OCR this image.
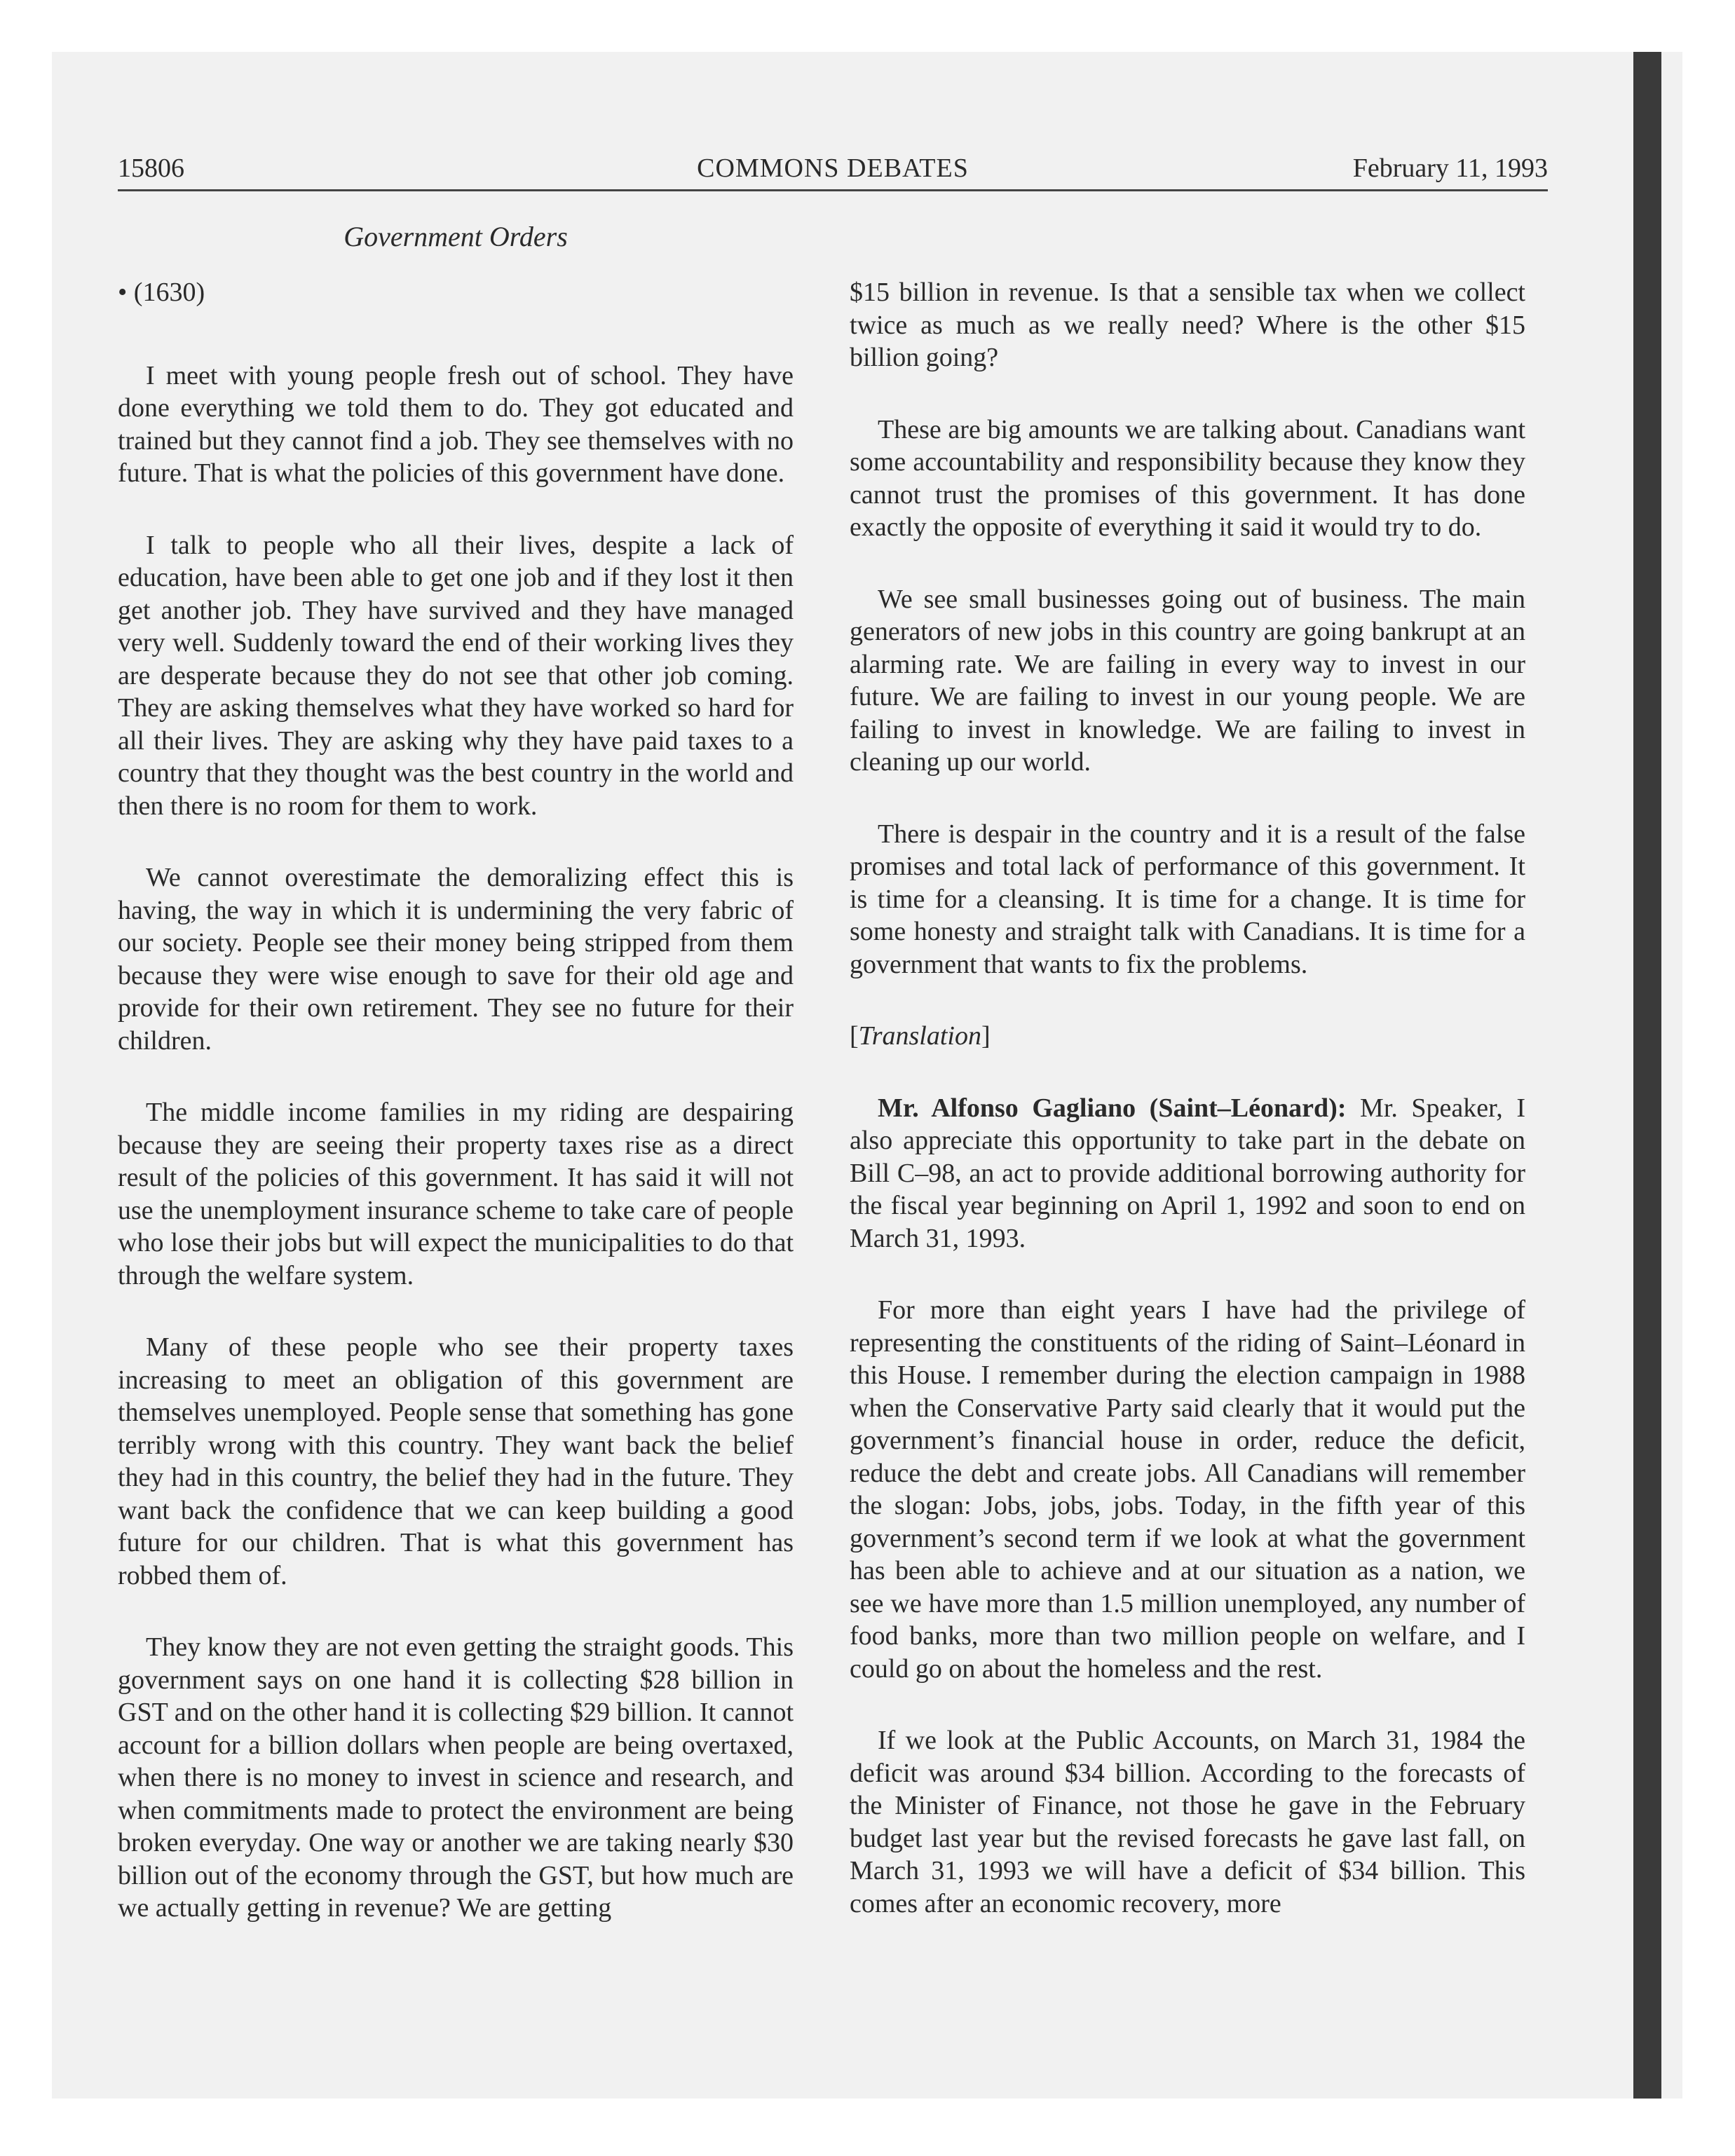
15806	COMMONS DEBATES	February 11, 1993
Government Orders

• (1630)

I meet with young people fresh out of school. They have done everything we told them to do. They got educated and trained but they cannot find a job. They see themselves with no future. That is what the policies of this government have done.

I talk to people who all their lives, despite a lack of education, have been able to get one job and if they lost it then get another job. They have survived and they have managed very well. Suddenly toward the end of their working lives they are desperate because they do not see that other job coming. They are asking themselves what they have worked so hard for all their lives. They are asking why they have paid taxes to a country that they thought was the best country in the world and then there is no room for them to work.

We cannot overestimate the demoralizing effect this is having, the way in which it is undermining the very fabric of our society. People see their money being stripped from them because they were wise enough to save for their old age and provide for their own retirement. They see no future for their children.

The middle income families in my riding are despairing because they are seeing their property taxes rise as a direct result of the policies of this government. It has said it will not use the unemployment insurance scheme to take care of people who lose their jobs but will expect the municipalities to do that through the welfare system.

Many of these people who see their property taxes increasing to meet an obligation of this government are themselves unemployed. People sense that something has gone terribly wrong with this country. They want back the belief they had in this country, the belief they had in the future. They want back the confidence that we can keep building a good future for our children. That is what this government has robbed them of.

They know they are not even getting the straight goods. This government says on one hand it is collecting $28 billion in GST and on the other hand it is collecting $29 billion. It cannot account for a billion dollars when people are being overtaxed, when there is no money to invest in science and research, and when commitments made to protect the environment are being broken everyday. One way or another we are taking nearly $30 billion out of the economy through the GST, but how much are we actually getting in revenue? We are getting

$15 billion in revenue. Is that a sensible tax when we collect twice as much as we really need? Where is the other $15 billion going?

These are big amounts we are talking about. Canadians want some accountability and responsibility because they know they cannot trust the promises of this government. It has done exactly the opposite of everything it said it would try to do.

We see small businesses going out of business. The main generators of new jobs in this country are going bankrupt at an alarming rate. We are failing in every way to invest in our future. We are failing to invest in our young people. We are failing to invest in knowledge. We are failing to invest in cleaning up our world.

There is despair in the country and it is a result of the false promises and total lack of performance of this government. It is time for a cleansing. It is time for a change. It is time for some honesty and straight talk with Canadians. It is time for a government that wants to fix the problems.

[Translation]

Mr. Alfonso Gagliano (Saint–Léonard): Mr. Speaker, I also appreciate this opportunity to take part in the debate on Bill C–98, an act to provide additional borrowing authority for the fiscal year beginning on April 1, 1992 and soon to end on March 31, 1993.

For more than eight years I have had the privilege of representing the constituents of the riding of Saint–Léonard in this House. I remember during the election campaign in 1988 when the Conservative Party said clearly that it would put the government’s financial house in order, reduce the deficit, reduce the debt and create jobs. All Canadians will remember the slogan: Jobs, jobs, jobs. Today, in the fifth year of this government’s second term if we look at what the government has been able to achieve and at our situation as a nation, we see we have more than 1.5 million unemployed, any number of food banks, more than two million people on welfare, and I could go on about the homeless and the rest.

If we look at the Public Accounts, on March 31, 1984 the deficit was around $34 billion. According to the forecasts of the Minister of Finance, not those he gave in the February budget last year but the revised forecasts he gave last fall, on March 31, 1993 we will have a deficit of $34 billion. This comes after an economic recovery, more
